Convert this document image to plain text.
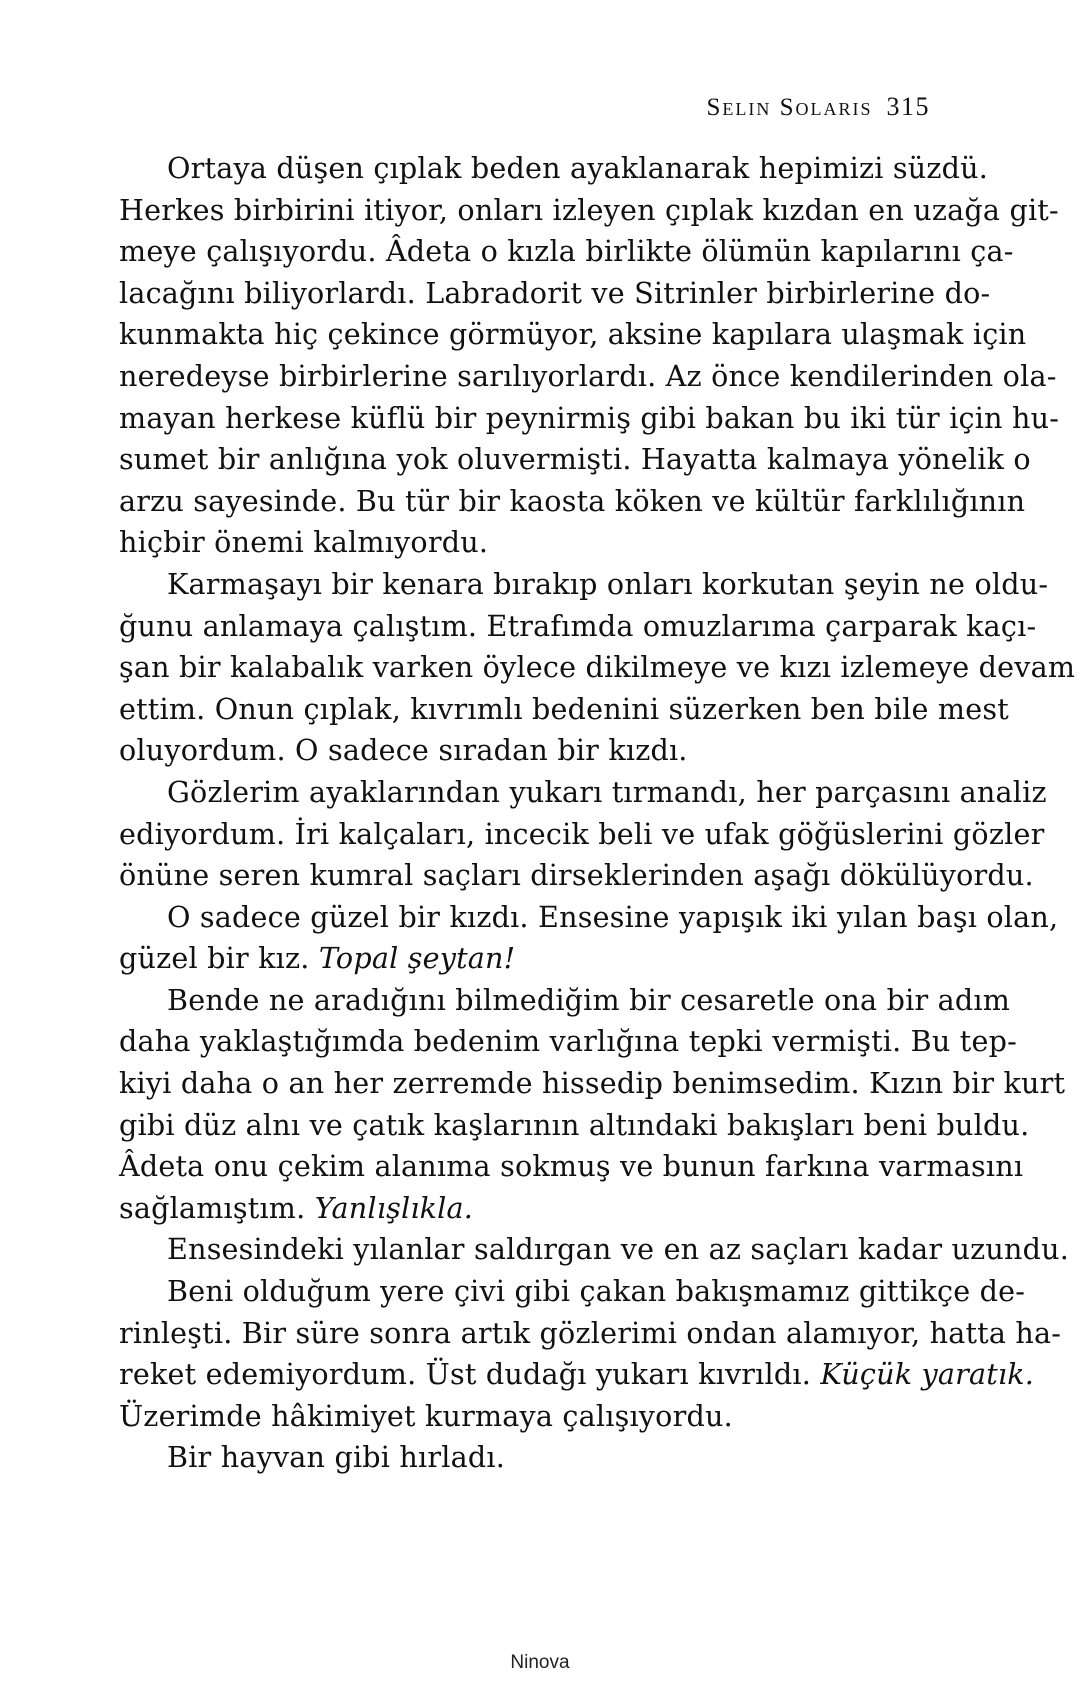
Selin Solaris 315
Ortaya düşen çıplak beden ayaklanarak hepimizi süzdü.
Herkes birbirini itiyor, onları izleyen çıplak kızdan en uzağa git-
meye çalışıyordu. Âdeta o kızla birlikte ölümün kapılarını ça-
lacağını biliyorlardı. Labradorit ve Sitrinler birbirlerine do-
kunmakta hiç çekince görmüyor, aksine kapılara ulaşmak için
neredeyse birbirlerine sarılıyorlardı. Az önce kendilerinden ola-
mayan herkese küflü bir peynirmiş gibi bakan bu iki tür için hu-
sumet bir anlığına yok oluvermişti. Hayatta kalmaya yönelik o
arzu sayesinde. Bu tür bir kaosta köken ve kültür farklılığının
hiçbir önemi kalmıyordu.
Karmaşayı bir kenara bırakıp onları korkutan şeyin ne oldu-
ğunu anlamaya çalıştım. Etrafımda omuzlarıma çarparak kaçı-
şan bir kalabalık varken öylece dikilmeye ve kızı izlemeye devam
ettim. Onun çıplak, kıvrımlı bedenini süzerken ben bile mest
oluyordum. O sadece sıradan bir kızdı.
Gözlerim ayaklarından yukarı tırmandı, her parçasını analiz
ediyordum. İri kalçaları, incecik beli ve ufak göğüslerini gözler
önüne seren kumral saçları dirseklerinden aşağı dökülüyordu.
O sadece güzel bir kızdı. Ensesine yapışık iki yılan başı olan,
güzel bir kız. Topal şeytan!
Bende ne aradığını bilmediğim bir cesaretle ona bir adım
daha yaklaştığımda bedenim varlığına tepki vermişti. Bu tep-
kiyi daha o an her zerremde hissedip benimsedim. Kızın bir kurt
gibi düz alnı ve çatık kaşlarının altındaki bakışları beni buldu.
Âdeta onu çekim alanıma sokmuş ve bunun farkına varmasını
sağlamıştım. Yanlışlıkla.
Ensesindeki yılanlar saldırgan ve en az saçları kadar uzundu.
Beni olduğum yere çivi gibi çakan bakışmamız gittikçe de-
rinleşti. Bir süre sonra artık gözlerimi ondan alamıyor, hatta ha-
reket edemiyordum. Üst dudağı yukarı kıvrıldı. Küçük yaratık.
Üzerimde hâkimiyet kurmaya çalışıyordu.
Bir hayvan gibi hırladı.
Ninova
